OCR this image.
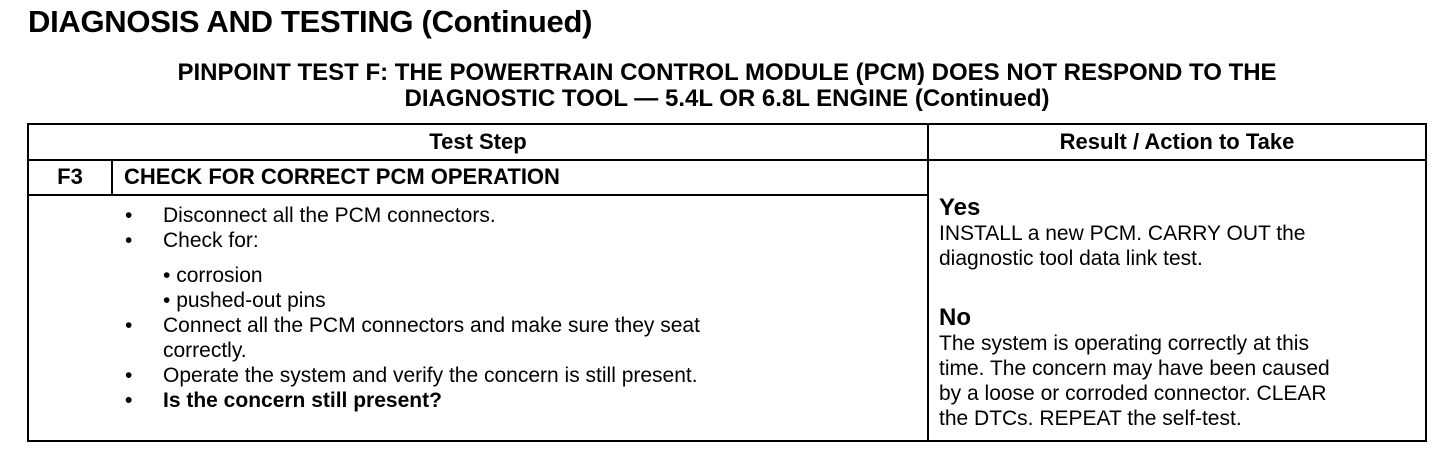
DIAGNOSIS AND TESTING (Continued)
PINPOINT TEST F: THE POWERTRAIN CONTROL MODULE (PCM) DOES NOT RESPOND TO THE
DIAGNOSTIC TOOL — 5.4L OR 6.8L ENGINE (Continued)
Test Step	Result / Action to Take
F3	CHECK FOR CORRECT PCM OPERATION
• Disconnect all the PCM connectors.
• Check for:
• corrosion
• pushed-out pins
• Connect all the PCM connectors and make sure they seat
correctly.
• Operate the system and verify the concern is still present.
• Is the concern still present?
Yes
INSTALL a new PCM. CARRY OUT the
diagnostic tool data link test.
No
The system is operating correctly at this
time. The concern may have been caused
by a loose or corroded connector. CLEAR
the DTCs. REPEAT the self-test.
